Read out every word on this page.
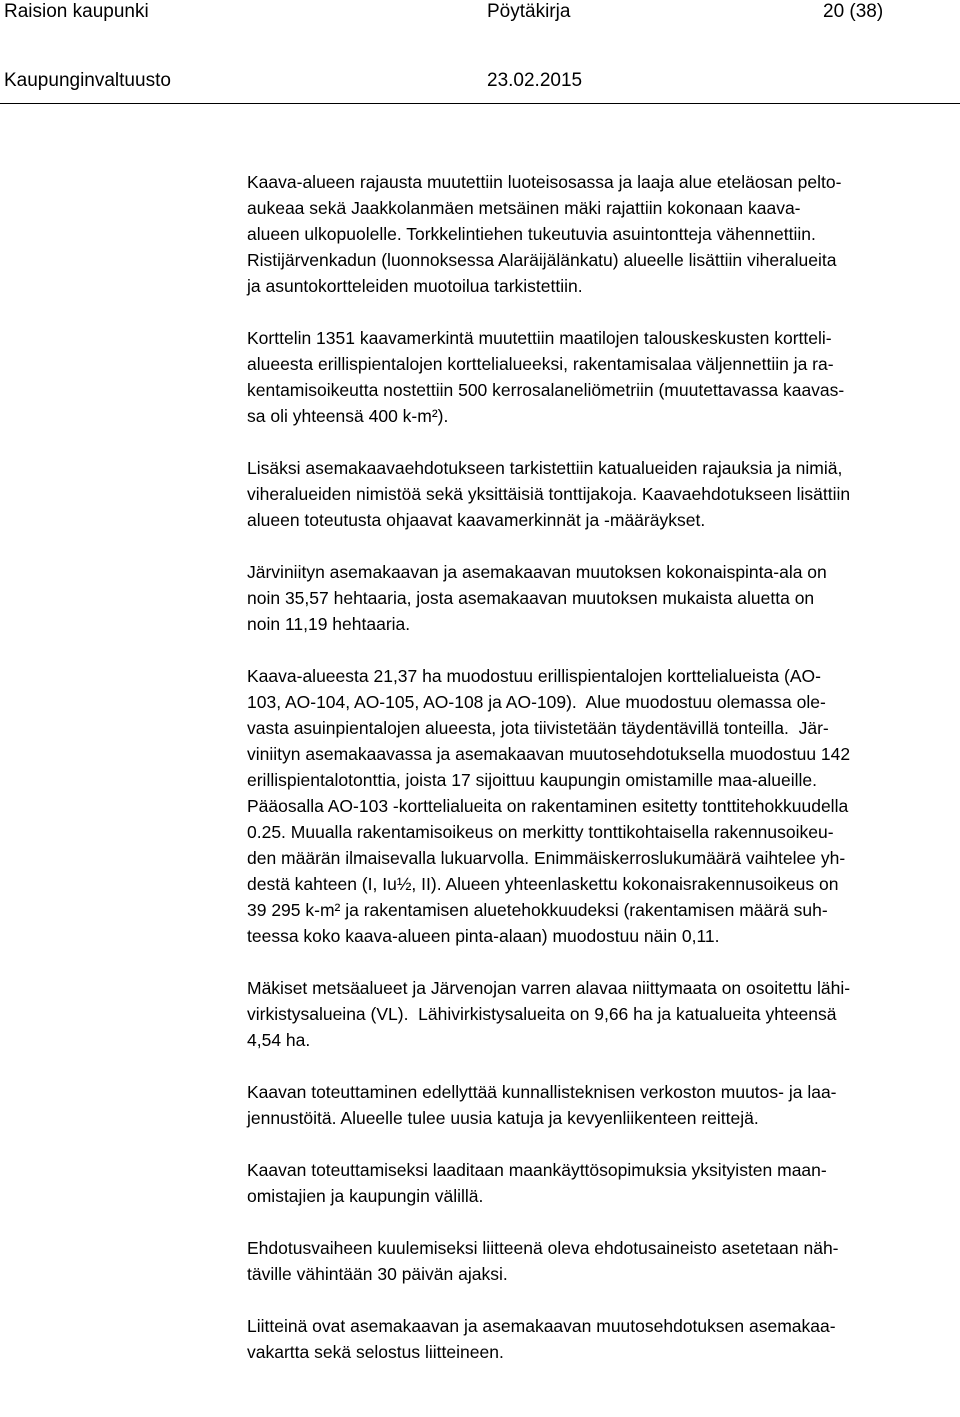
Raision kaupunki	Pöytäkirja	20 (38)
Kaupunginvaltuusto	23.02.2015

Kaava-alueen rajausta muutettiin luoteisosassa ja laaja alue eteläosan pelto-
aukeaa sekä Jaakkolanmäen metsäinen mäki rajattiin kokonaan kaava-
alueen ulkopuolelle. Torkkelintiehen tukeutuvia asuintontteja vähennettiin.
Ristijärvenkadun (luonnoksessa Alaräijälänkatu) alueelle lisättiin viheralueita
ja asuntokortteleiden muotoilua tarkistettiin.

Korttelin 1351 kaavamerkintä muutettiin maatilojen talouskeskusten kortteli-
alueesta erillispientalojen korttelialueeksi, rakentamisalaa väljennettiin ja ra-
kentamisoikeutta nostettiin 500 kerrosalaneliömetriin (muutettavassa kaavas-
sa oli yhteensä 400 k-m²).

Lisäksi asemakaavaehdotukseen tarkistettiin katualueiden rajauksia ja nimiä,
viheralueiden nimistöä sekä yksittäisiä tonttijakoja. Kaavaehdotukseen lisättiin
alueen toteutusta ohjaavat kaavamerkinnät ja -määräykset.

Järviniityn asemakaavan ja asemakaavan muutoksen kokonaispinta-ala on
noin 35,57 hehtaaria, josta asemakaavan muutoksen mukaista aluetta on
noin 11,19 hehtaaria.

Kaava-alueesta 21,37 ha muodostuu erillispientalojen korttelialueista (AO-
103, AO-104, AO-105, AO-108 ja AO-109).  Alue muodostuu olemassa ole-
vasta asuinpientalojen alueesta, jota tiivistetään täydentävillä tonteilla.  Jär-
viniityn asemakaavassa ja asemakaavan muutosehdotuksella muodostuu 142
erillispientalotonttia, joista 17 sijoittuu kaupungin omistamille maa-alueille.
Pääosalla AO-103 -korttelialueita on rakentaminen esitetty tonttitehokkuudella
0.25. Muualla rakentamisoikeus on merkitty tonttikohtaisella rakennusoikeu-
den määrän ilmaisevalla lukuarvolla. Enimmäiskerroslukumäärä vaihtelee yh-
destä kahteen (I, Iu½, II). Alueen yhteenlaskettu kokonaisrakennusoikeus on
39 295 k-m² ja rakentamisen aluetehokkuudeksi (rakentamisen määrä suh-
teessa koko kaava-alueen pinta-alaan) muodostuu näin 0,11.

Mäkiset metsäalueet ja Järvenojan varren alavaa niittymaata on osoitettu lähi-
virkistysalueina (VL).  Lähivirkistysalueita on 9,66 ha ja katualueita yhteensä
4,54 ha.

Kaavan toteuttaminen edellyttää kunnallisteknisen verkoston muutos- ja laa-
jennustöitä. Alueelle tulee uusia katuja ja kevyenliikenteen reittejä.

Kaavan toteuttamiseksi laaditaan maankäyttösopimuksia yksityisten maan-
omistajien ja kaupungin välillä.

Ehdotusvaiheen kuulemiseksi liitteenä oleva ehdotusaineisto asetetaan näh-
täville vähintään 30 päivän ajaksi.

Liitteinä ovat asemakaavan ja asemakaavan muutosehdotuksen asemakaa-
vakartta sekä selostus liitteineen.
